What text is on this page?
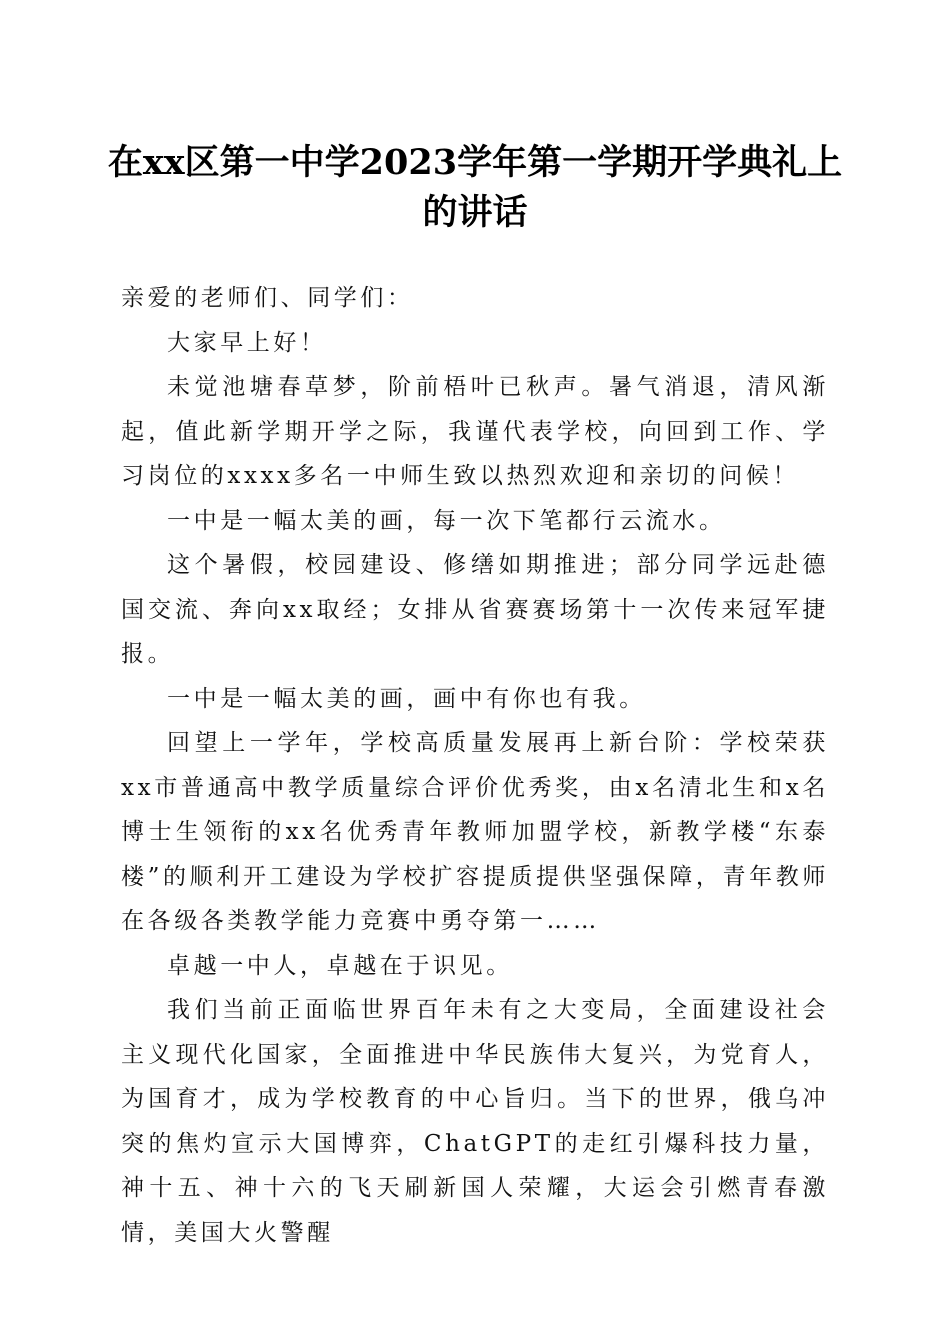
在xx区第一中学2023学年第一学期开学典礼上的讲话

亲爱的老师们、同学们：

大家早上好！

未觉池塘春草梦，阶前梧叶已秋声。暑气消退，清风渐起，值此新学期开学之际，我谨代表学校，向回到工作、学习岗位的xxxx多名一中师生致以热烈欢迎和亲切的问候！

一中是一幅太美的画，每一次下笔都行云流水。

这个暑假，校园建设、修缮如期推进；部分同学远赴德国交流、奔向xx取经；女排从省赛赛场第十一次传来冠军捷报。

一中是一幅太美的画，画中有你也有我。

回望上一学年，学校高质量发展再上新台阶：学校荣获xx市普通高中教学质量综合评价优秀奖，由x名清北生和x名博士生领衔的xx名优秀青年教师加盟学校，新教学楼“东泰楼”的顺利开工建设为学校扩容提质提供坚强保障，青年教师在各级各类教学能力竞赛中勇夺第一……

卓越一中人，卓越在于识见。

我们当前正面临世界百年未有之大变局，全面建设社会主义现代化国家，全面推进中华民族伟大复兴，为党育人，为国育才，成为学校教育的中心旨归。当下的世界，俄乌冲突的焦灼宣示大国博弈，ChatGPT的走红引爆科技力量，神十五、神十六的飞天刷新国人荣耀，大运会引燃青春激情，美国大火警醒
